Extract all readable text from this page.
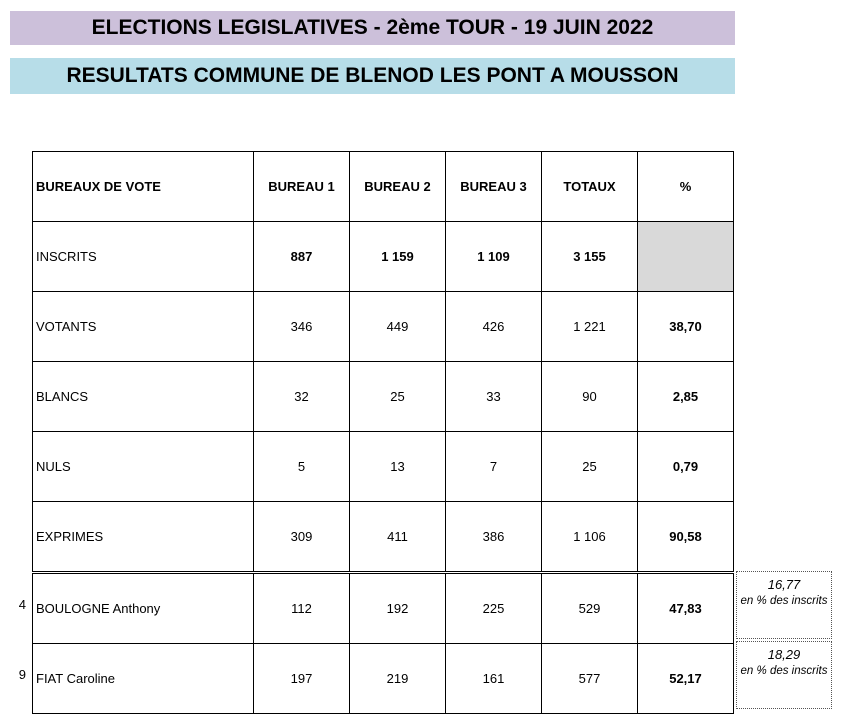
ELECTIONS LEGISLATIVES - 2ème TOUR - 19 JUIN 2022
RESULTATS COMMUNE DE BLENOD LES PONT A MOUSSON
BUREAUX DE VOTE	BUREAU 1	BUREAU 2	BUREAU 3	TOTAUX	%
INSCRITS	887	1 159	1 109	3 155	
VOTANTS	346	449	426	1 221	38,70
BLANCS	32	25	33	90	2,85
NULS	5	13	7	25	0,79
EXPRIMES	309	411	386	1 106	90,58
BOULOGNE Anthony	112	192	225	529	47,83
FIAT Caroline	197	219	161	577	52,17
4
9
16,77
en % des inscrits
18,29
en % des inscrits
